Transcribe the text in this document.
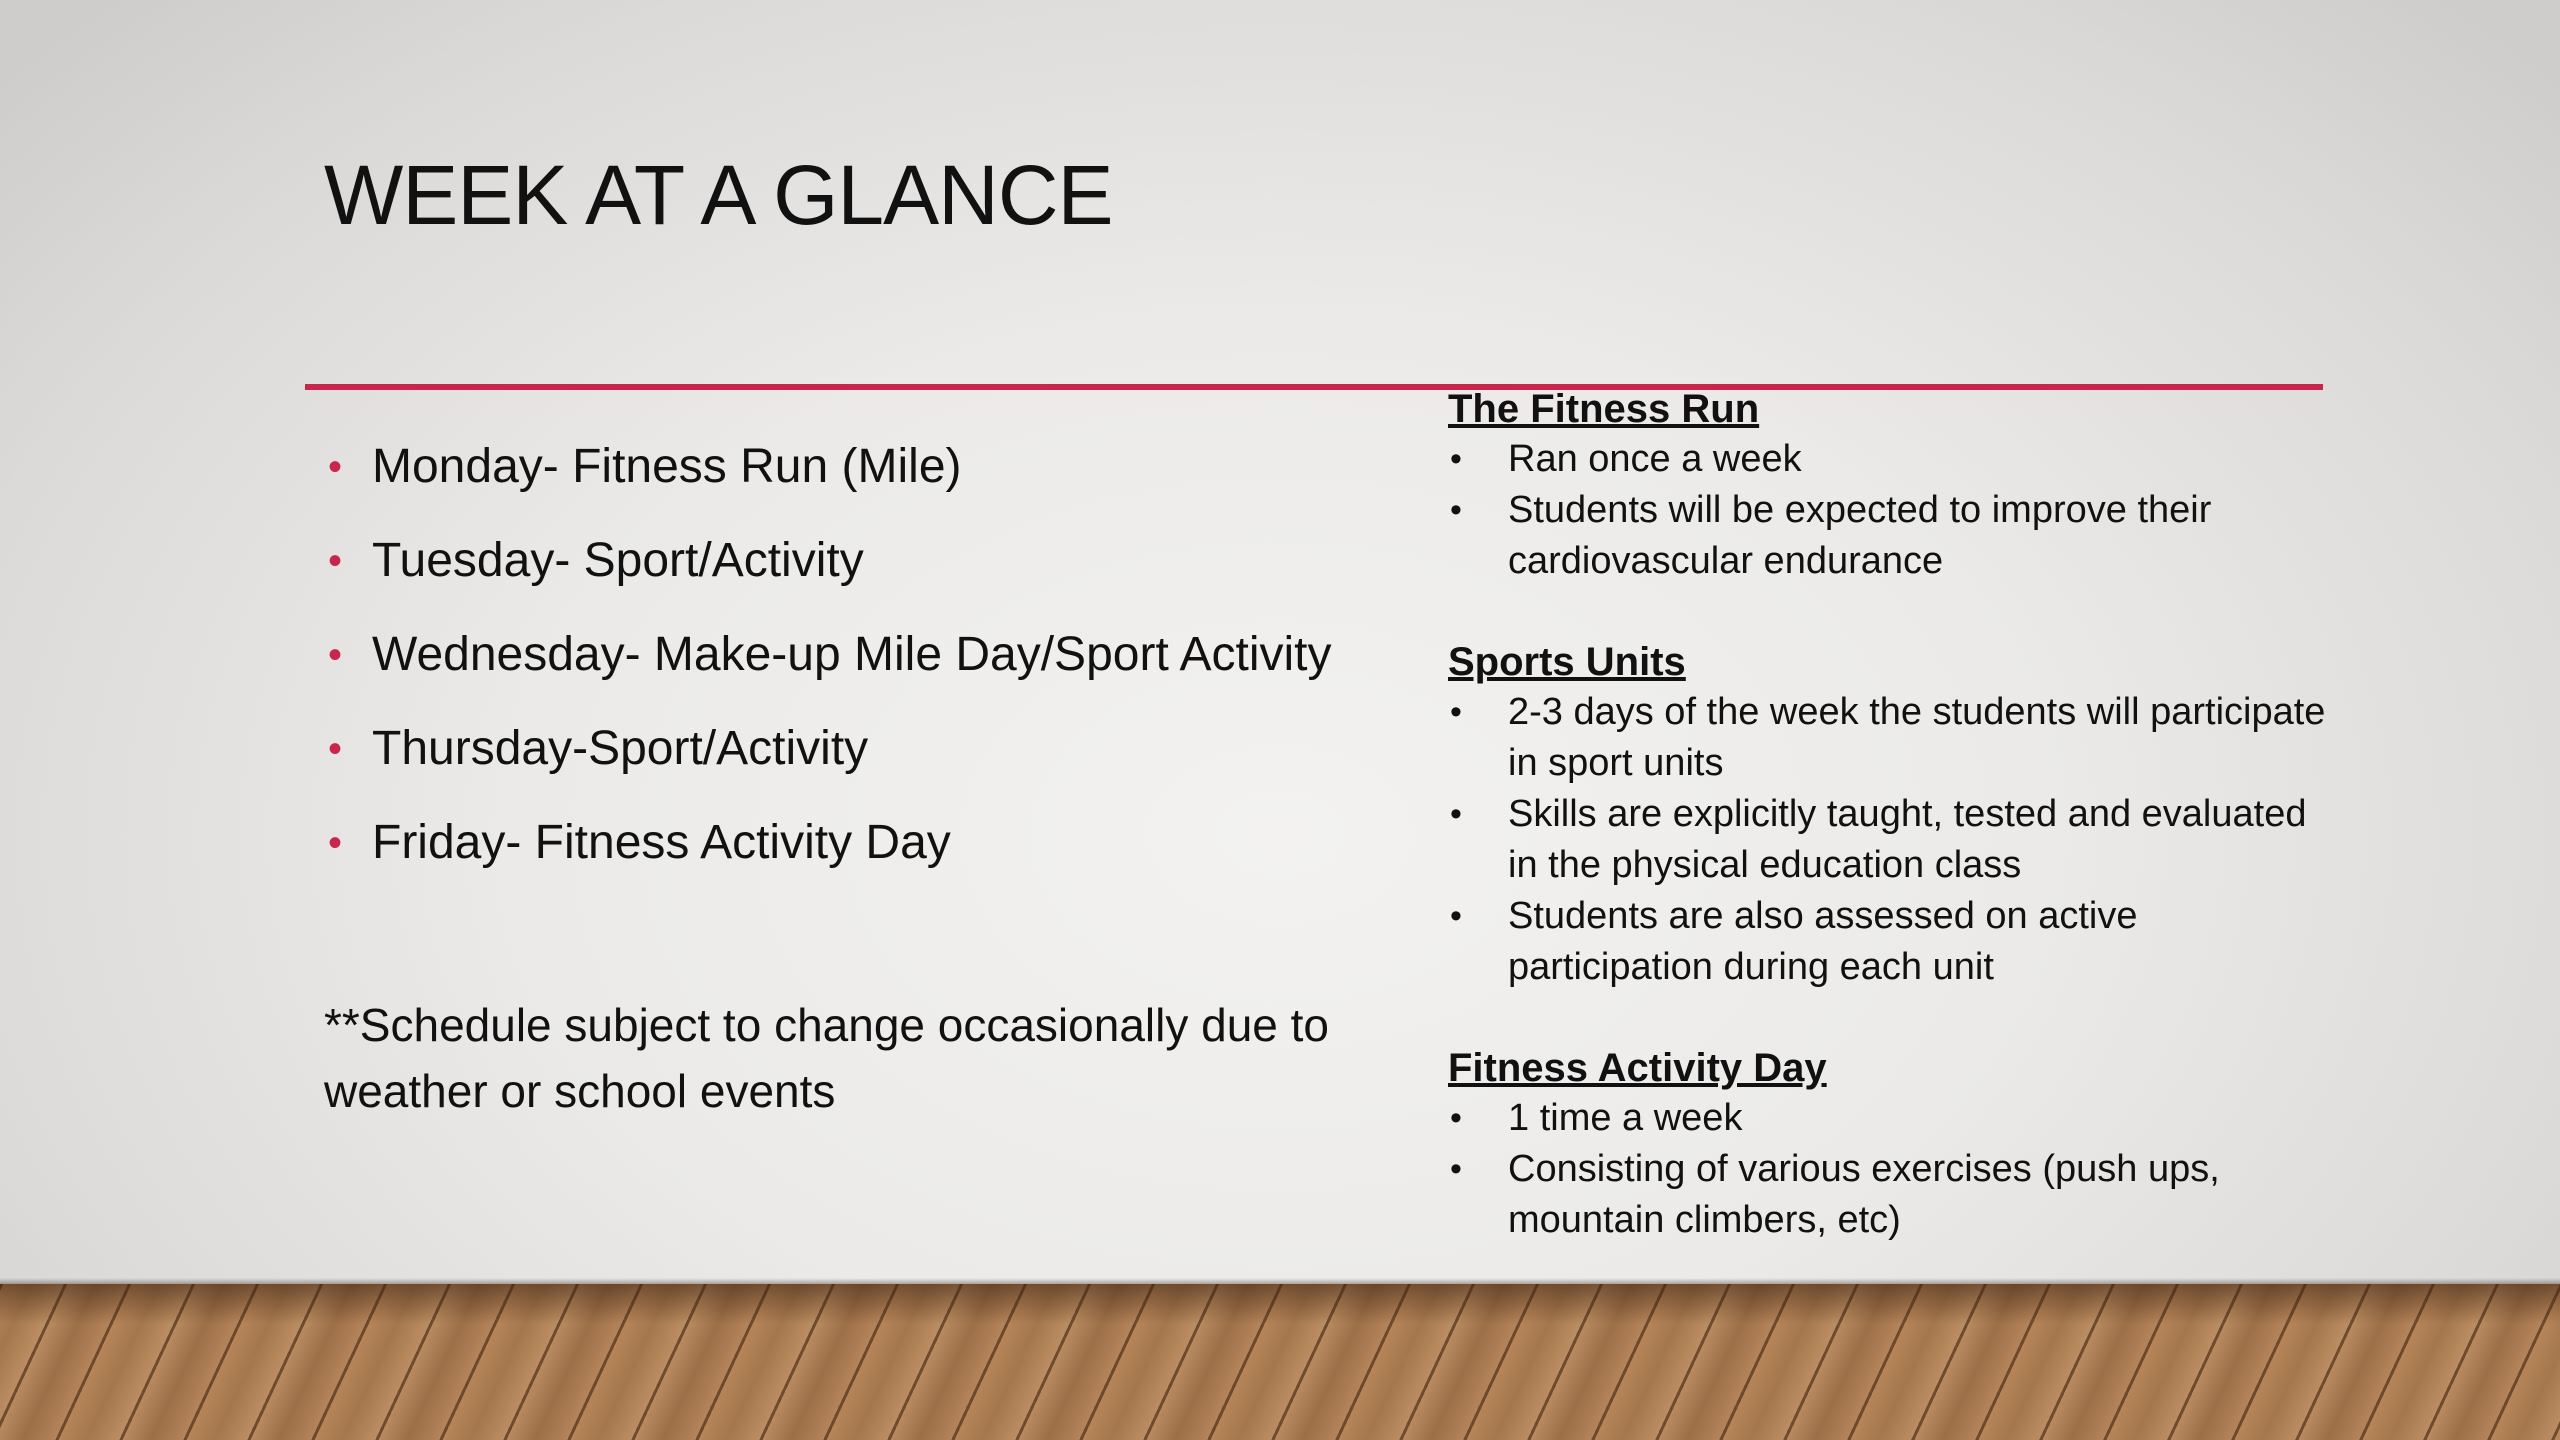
WEEK AT A GLANCE
• Monday- Fitness Run (Mile)
• Tuesday- Sport/Activity
• Wednesday- Make-up Mile Day/Sport Activity
• Thursday-Sport/Activity
• Friday- Fitness Activity Day
**Schedule subject to change occasionally due to weather or school events
The Fitness Run
• Ran once a week
• Students will be expected to improve their cardiovascular endurance
Sports Units
• 2-3 days of the week the students will participate in sport units
• Skills are explicitly taught, tested and evaluated in the physical education class
• Students are also assessed on active participation during each unit
Fitness Activity Day
• 1 time a week
• Consisting of various exercises (push ups, mountain climbers, etc)
